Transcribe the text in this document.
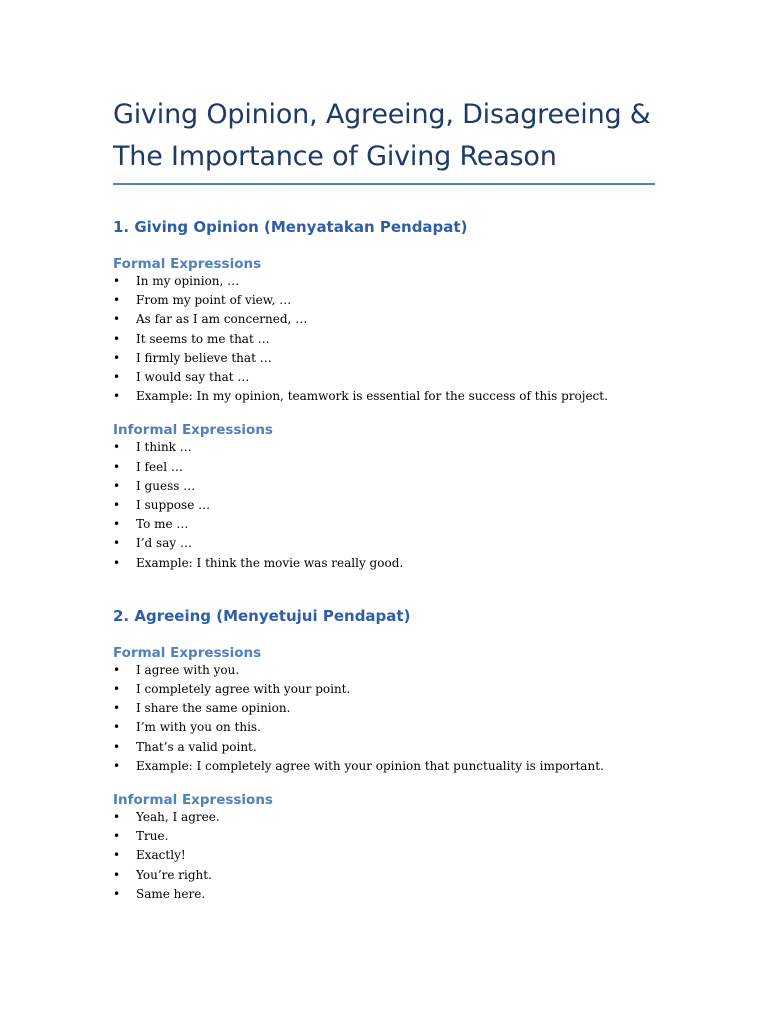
Giving Opinion, Agreeing, Disagreeing &
The Importance of Giving Reason
1. Giving Opinion (Menyatakan Pendapat)
Formal Expressions
• In my opinion, …
• From my point of view, …
• As far as I am concerned, …
• It seems to me that …
• I firmly believe that …
• I would say that …
• Example: In my opinion, teamwork is essential for the success of this project.
Informal Expressions
• I think …
• I feel …
• I guess …
• I suppose …
• To me …
• I’d say …
• Example: I think the movie was really good.
2. Agreeing (Menyetujui Pendapat)
Formal Expressions
• I agree with you.
• I completely agree with your point.
• I share the same opinion.
• I’m with you on this.
• That’s a valid point.
• Example: I completely agree with your opinion that punctuality is important.
Informal Expressions
• Yeah, I agree.
• True.
• Exactly!
• You’re right.
• Same here.
